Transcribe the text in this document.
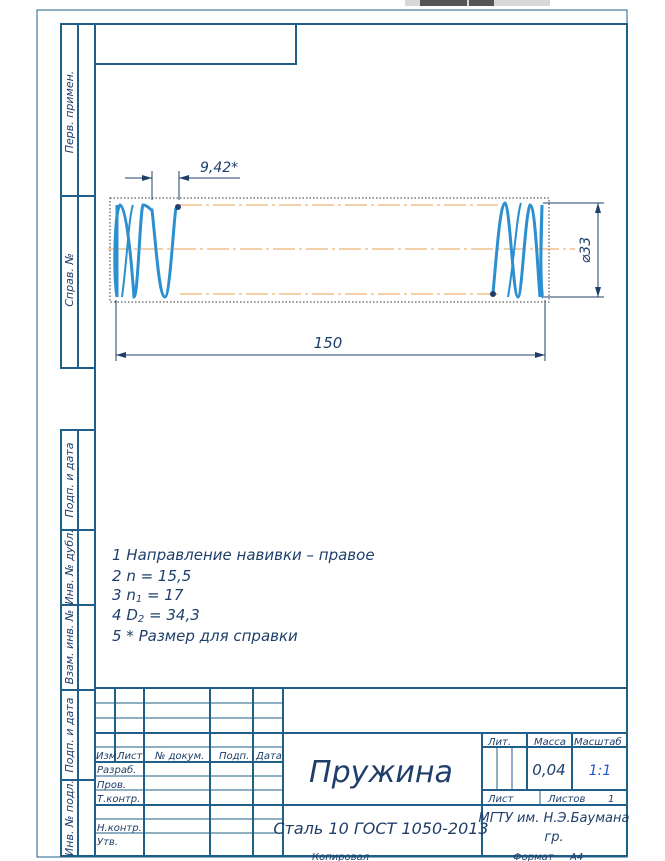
Перв. примен.
Справ. №
Подп. и дата
Инв. № дубл.
Взам. инв. №
Подп. и дата
Инв. № подл.
9,42*
150
⌀33
1 Направление навивки – правое
2 n = 15,5
3 n1 = 17
4 D2 = 34,3
5 * Размер для справки
Изм.
Лист № докум. Подп. Дата
Разраб.
Пров.
Т.контр.
Н.контр.
Утв.
Лит. Масса Масштаб
Лист	Листов 1
Пружина
Сталь 10 ГОСТ 1050-2013
0,04 1:1
МГТУ им. Н.Э.Баумана
гр.
Копировал	Формат А4
